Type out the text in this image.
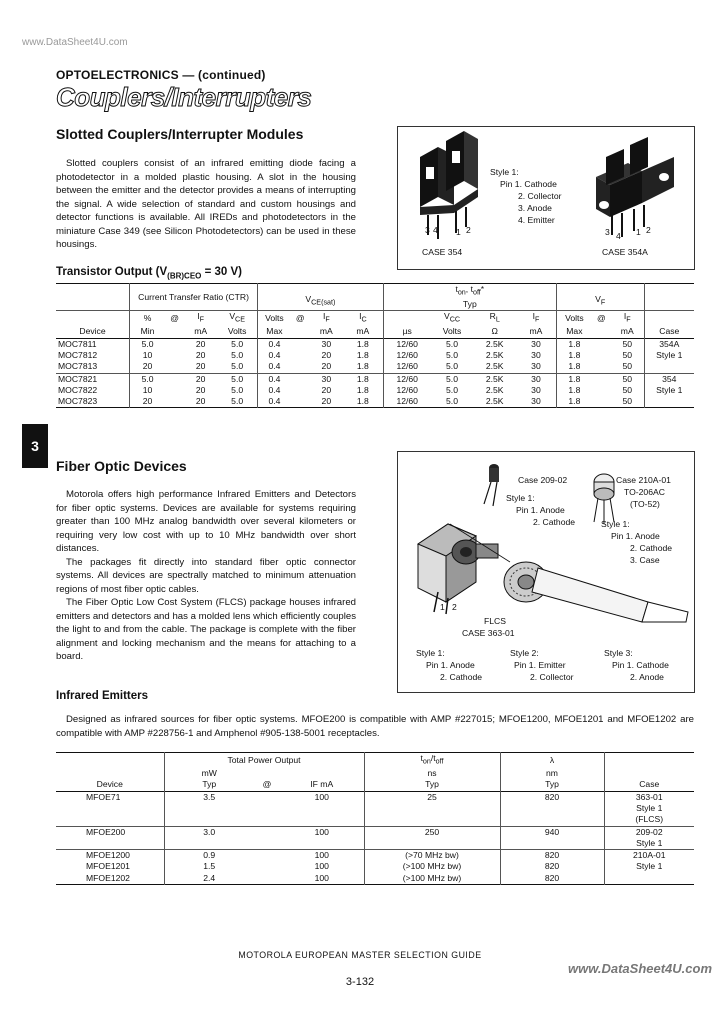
www.DataSheet4U.com
OPTOELECTRONICS — (continued)
Couplers/Interrupters
Slotted Couplers/Interrupter Modules

Slotted couplers consist of an infrared emitting diode facing a photodetector in a molded plastic housing. A slot in the housing between the emitter and the detector provides a means of interrupting the signal. A wide selection of standard and custom housings and detector functions is available. All IREDs and photodetectors in the miniature Case 349 (see Silicon Photodetectors) can be used in these housings.

Style 1:
Pin 1. Cathode
2. Collector
3. Anode
4. Emitter
3 4 1 2	3 4 1 2
CASE 354	CASE 354A
Transistor Output ($V_{(BR)CEO} = 30$ V)
	Current Transfer Ratio (CTR)				$V_{CE(sat)}$				$t_{on}$, $t_{off}*$
Typ				$V_F$	
	%	@	$I_F$	$V_{CE}$	Volts	@	$I_F$	$I_C$		$V_{CC}$	$R_L$	$I_F$	Volts	@	$I_F$	
Device	Min		mA	Volts	Max		mA	mA	µs	Volts	Ω	mA	Max		mA	Case
MOC7811	5.0		20	5.0	0.4		30	1.8	12/60	5.0	2.5K	30	1.8		50	354A
MOC7812	10		20	5.0	0.4		20	1.8	12/60	5.0	2.5K	30	1.8		50	Style 1
MOC7813	20		20	5.0	0.4		20	1.8	12/60	5.0	2.5K	30	1.8		50	
MOC7821	5.0		20	5.0	0.4		30	1.8	12/60	5.0	2.5K	30	1.8		50	354
MOC7822	10		20	5.0	0.4		20	1.8	12/60	5.0	2.5K	30	1.8		50	Style 1
MOC7823	20		20	5.0	0.4		20	1.8	12/60	5.0	2.5K	30	1.8		50	
3
Fiber Optic Devices

Motorola offers high performance Infrared Emitters and Detectors for fiber optic systems. Devices are available for systems requiring greater than 100 MHz analog bandwidth over several kilometers or requiring very low cost with up to 10 MHz bandwidth over short distances.

The packages fit directly into standard fiber optic connector systems. All devices are spectrally matched to minimum attenuation regions of most fiber optic cables.

The Fiber Optic Low Cost System (FLCS) package houses infrared emitters and detectors and has a molded lens which efficiently couples the light to and from the cable. The package is complete with the fiber alignment and locking mechanism and the means for attaching to a board.

Case 209-02
Style 1:
Pin 1. Anode
2. Cathode
Case 210A-01
TO-206AC
(TO-52)
Style 1:
Pin 1. Anode
2. Cathode
3. Case
1 2
FLCS
CASE 363-01
Style 1:
Pin 1. Anode
2. Cathode
Style 2:
Pin 1. Emitter
2. Collector
Style 3:
Pin 1. Cathode
2. Anode
Infrared Emitters

Designed as infrared sources for fiber optic systems. MFOE200 is compatible with AMP #227015; MFOE1200, MFOE1201 and MFOE1202 are compatible with AMP #228756-1 and Amphenol #905-138-5001 receptacles.

	Total Power Output			$t_{on}/t_{off}$	λ	
	mW			ns	nm	
Device	Typ	@	IF mA	Typ	Typ	Case
MFOE71	3.5		100	25	820	363-01
						Style 1
						(FLCS)
MFOE200	3.0		100	250	940	209-02
						Style 1
MFOE1200	0.9		100	(>70 MHz bw)	820	210A-01
MFOE1201	1.5		100	(>100 MHz bw)	820	Style 1
MFOE1202	2.4		100	(>100 MHz bw)	820	
MOTOROLA EUROPEAN MASTER SELECTION GUIDE
www.DataSheet4U.com
3-132
